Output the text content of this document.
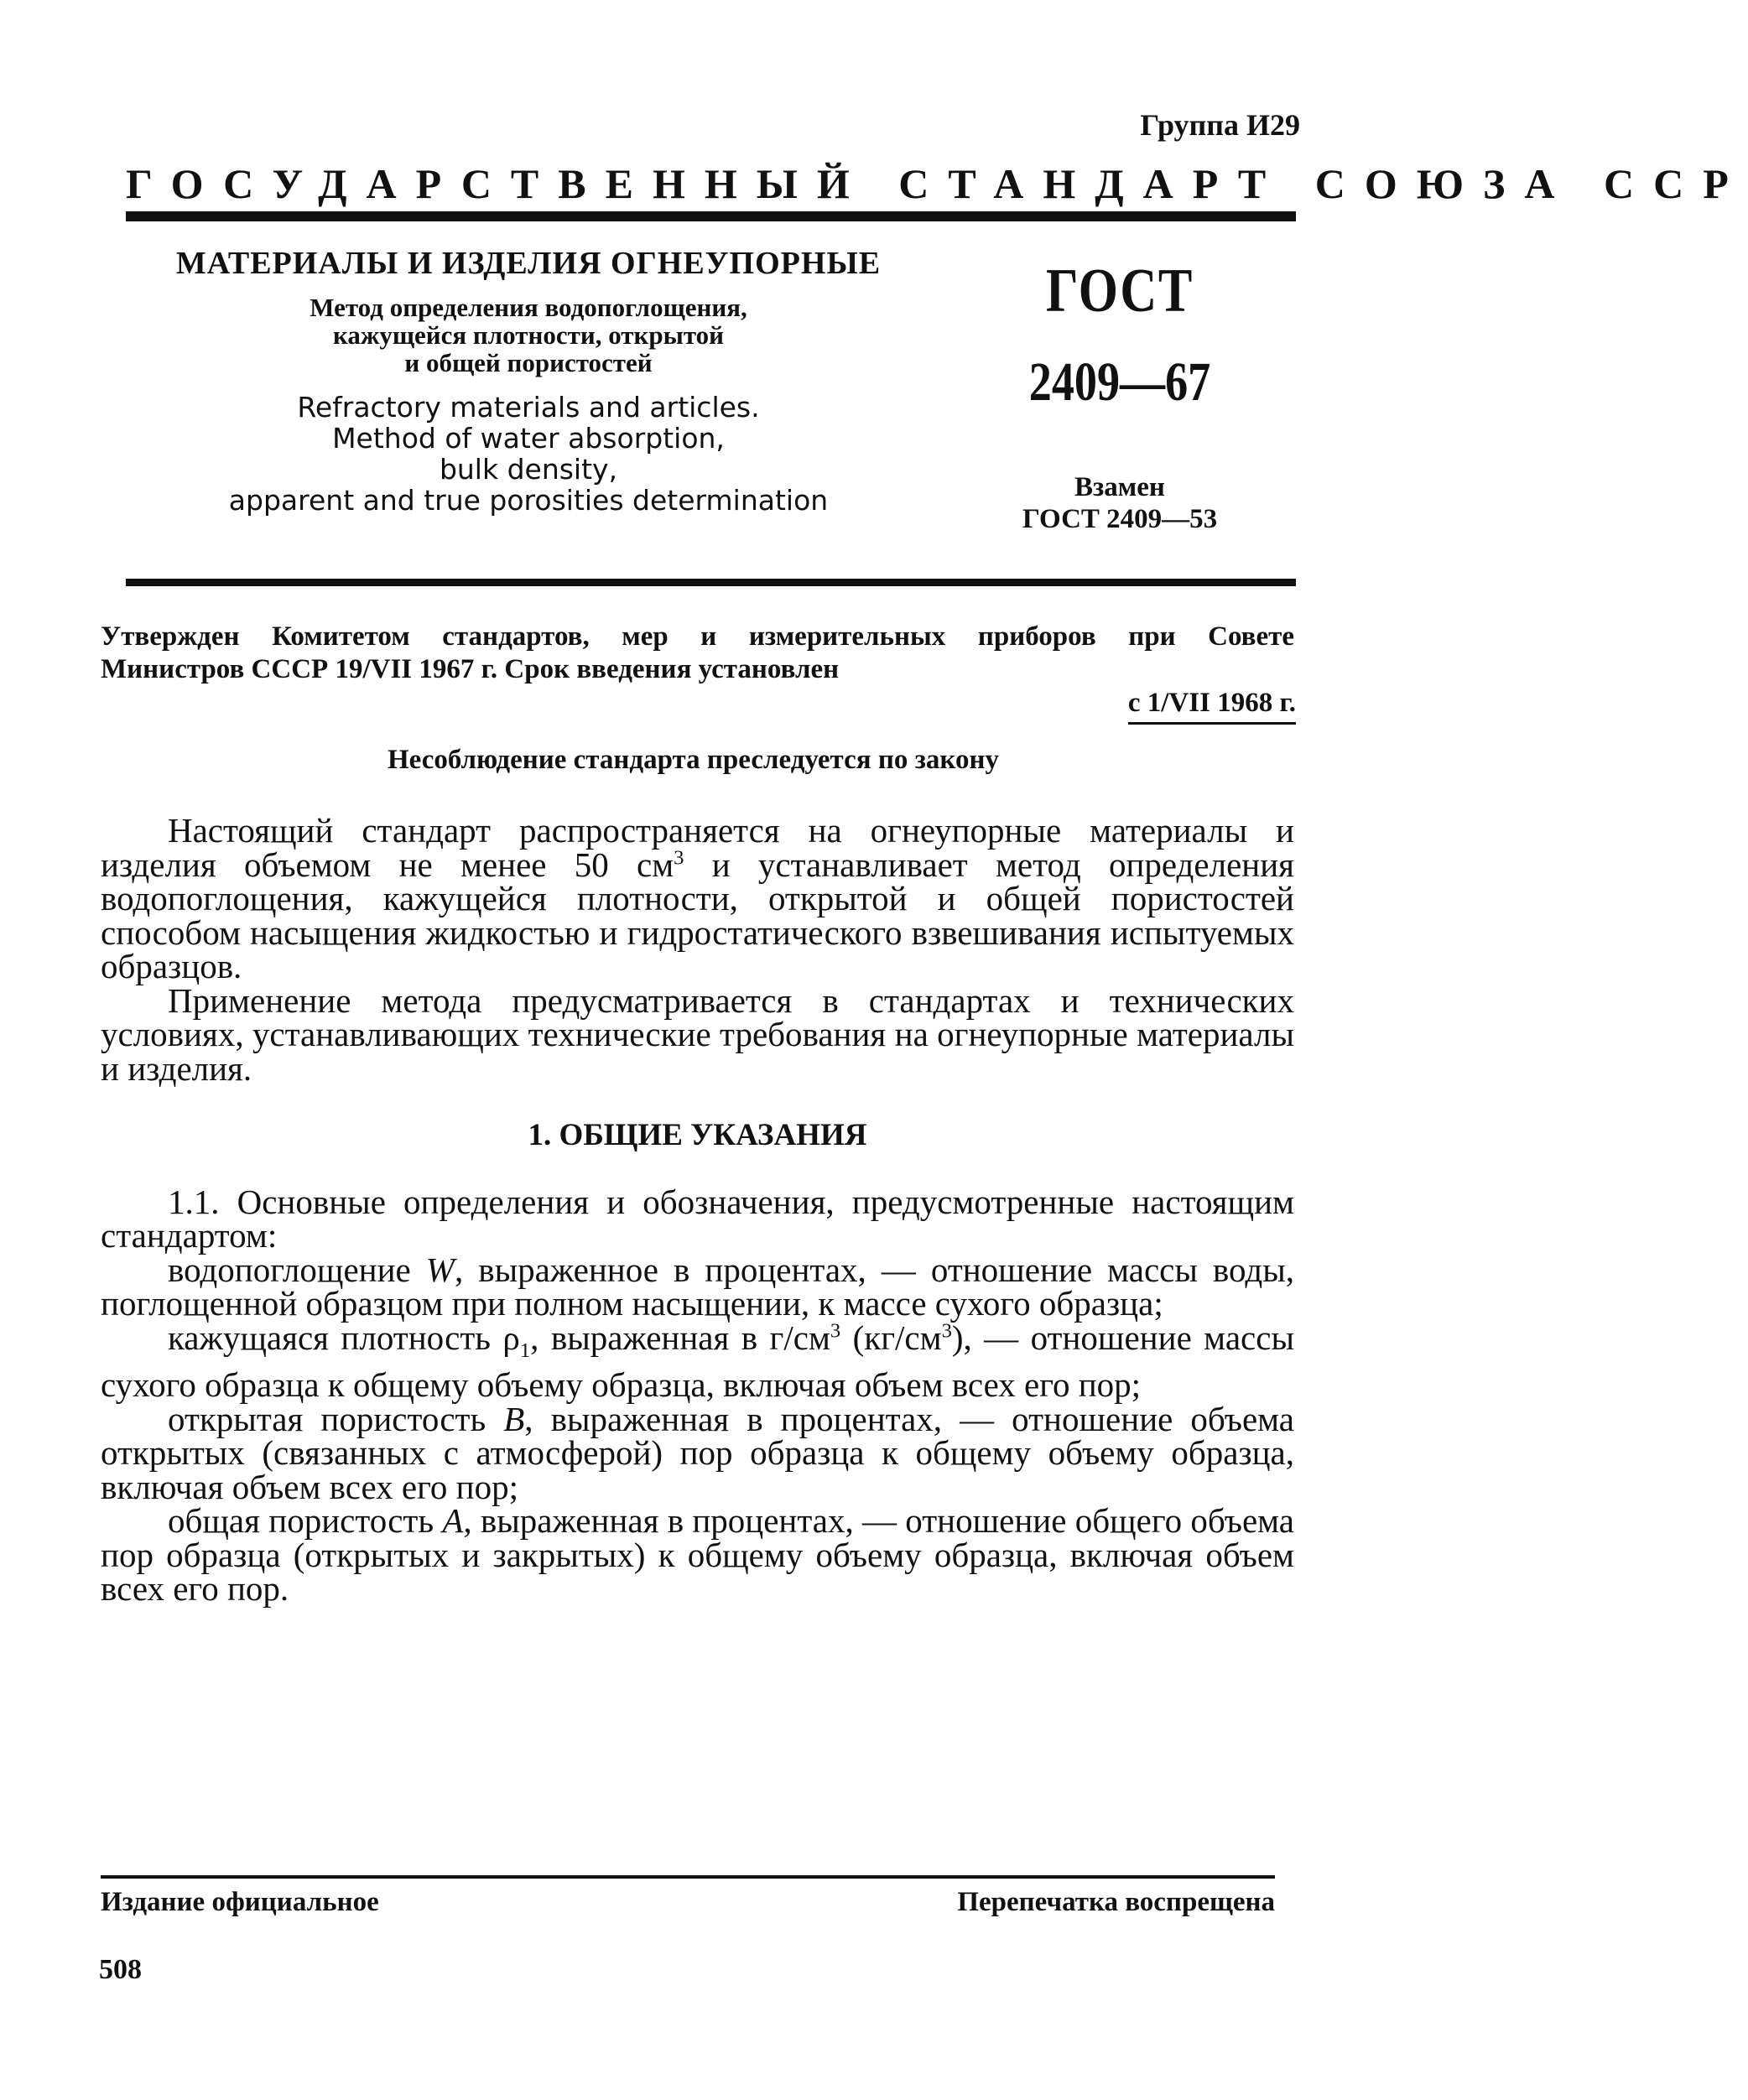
Группа И29
ГОСУДАРСТВЕННЫЙ СТАНДАРТ СОЮЗА ССР
МАТЕРИАЛЫ И ИЗДЕЛИЯ ОГНЕУПОРНЫЕ
Метод определения водопоглощения,
кажущейся плотности, открытой
и общей пористостей
Refractory materials and articles.
Method of water absorption,
bulk density,
apparent and true porosities determination
ГОСТ
2409—67
Взамен
ГОСТ 2409—53
Утвержден Комитетом стандартов, мер и измерительных приборов при Совете
Министров СССР 19/VII 1967 г. Срок введения установлен
с 1/VII 1968 г.
Несоблюдение стандарта преследуется по закону

Настоящий стандарт распространяется на огнеупорные материалы и изделия объемом не менее 50 $см^3$ и устанавливает метод определения водопоглощения, кажущейся плотности, открытой и общей пористостей способом насыщения жидкостью и гидростатического взвешивания испытуемых образцов.

Применение метода предусматривается в стандартах и технических условиях, устанавливающих технические требования на огнеупорные материалы и изделия.

1. ОБЩИЕ УКАЗАНИЯ

1.1. Основные определения и обозначения, предусмотренные настоящим стандартом:

водопоглощение W, выраженное в процентах, — отношение массы воды, поглощенной образцом при полном насыщении, к массе сухого образца;

кажущаяся плотность $\rho_1$, выраженная в $г/см^3$ $(кг/см^3)$, — отношение массы сухого образца к общему объему образца, включая объем всех его пор;

открытая пористость B, выраженная в процентах, — отношение объема открытых (связанных с атмосферой) пор образца к общему объему образца, включая объем всех его пор;

общая пористость A, выраженная в процентах, — отношение общего объема пор образца (открытых и закрытых) к общему объему образца, включая объем всех его пор.

Издание официальное	Перепечатка воспрещена
508
